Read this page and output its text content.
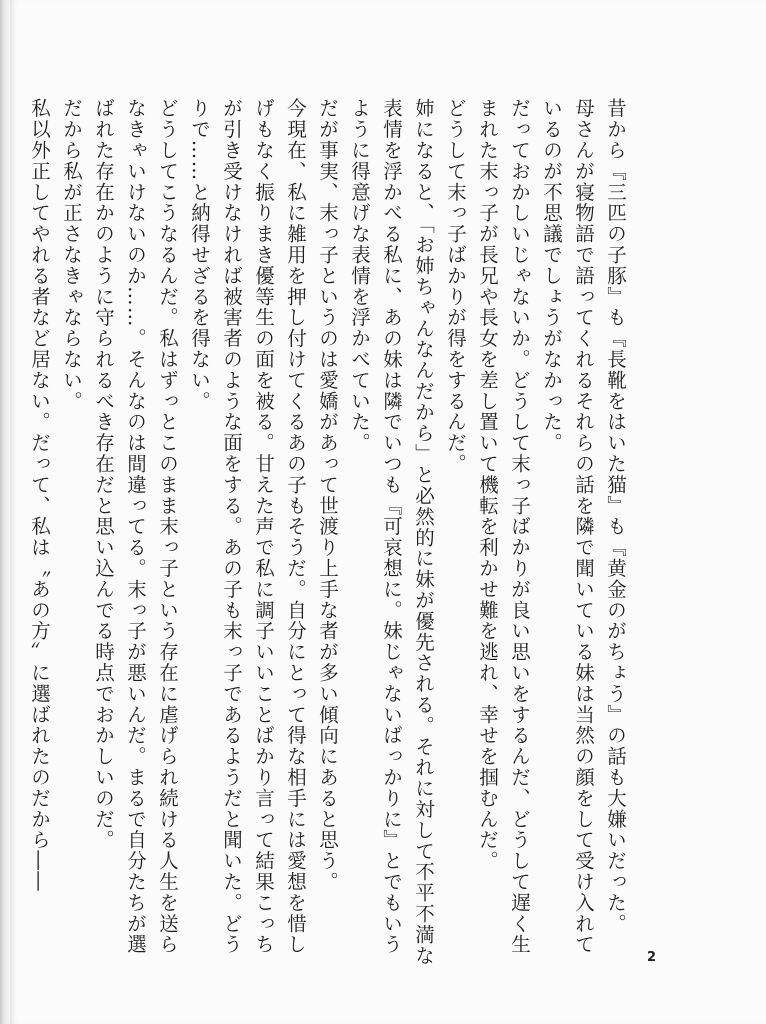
昔から『三匹の子豚』も『長靴をはいた猫』も『黄金のがちょう』の話も大嫌いだった。
母さんが寝物語で語ってくれるそれらの話を隣で聞いている妹は当然の顔をして受け入れているのが不思議でしょうがなかった。
だっておかしいじゃないか。どうして末っ子ばかりが良い思いをするんだ、どうして遅く生まれた末っ子が長兄や長女を差し置いて機転を利かせ難を逃れ、幸せを掴むんだ。
どうして末っ子ばかりが得をするんだ。
姉になると、「お姉ちゃんなんだから」と必然的に妹が優先される。それに対して不平不満な表情を浮かべる私に、あの妹は隣でいつも『可哀想に。妹じゃないばっかりに』とでもいうように得意げな表情を浮かべていた。
だが事実、末っ子というのは愛嬌があって世渡り上手な者が多い傾向にあると思う。
今現在、私に雑用を押し付けてくるあの子もそうだ。自分にとって得な相手には愛想を惜しげもなく振りまき優等生の面を被る。甘えた声で私に調子いいことばかり言って結果こっちが引き受けなければ被害者のような面をする。あの子も末っ子であるようだと聞いた。どうりで……と納得せざるを得ない。
どうしてこうなるんだ。私はずっとこのまま末っ子という存在に虐げられ続ける人生を送らなきゃいけないのか……。そんなのは間違ってる。末っ子が悪いんだ。まるで自分たちが選ばれた存在かのように守られるべき存在だと思い込んでる時点でおかしいのだ。
だから私が正さなきゃならない。
私以外正してやれる者など居ない。だって、私は〝あの方〟に選ばれたのだから――

2
